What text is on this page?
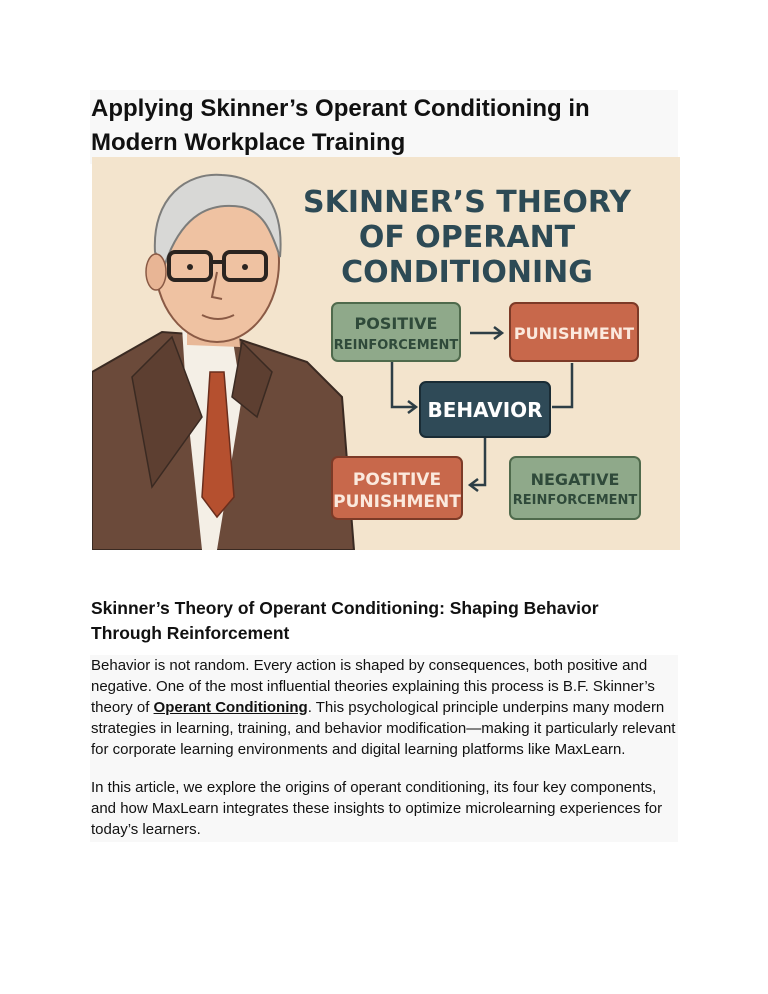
Applying Skinner’s Operant Conditioning in Modern Workplace Training
SKINNER’S THEORY
OF OPERANT
CONDITIONING
POSITIVE
REINFORCEMENT
PUNISHMENT
BEHAVIOR
POSITIVE
PUNISHMENT
NEGATIVE
REINFORCEMENT
Skinner’s Theory of Operant Conditioning: Shaping Behavior Through Reinforcement

Behavior is not random. Every action is shaped by consequences, both positive and negative. One of the most influential theories explaining this process is B.F. Skinner’s theory of Operant Conditioning. This psychological principle underpins many modern strategies in learning, training, and behavior modification—making it particularly relevant for corporate learning environments and digital learning platforms like MaxLearn.

In this article, we explore the origins of operant conditioning, its four key components, and how MaxLearn integrates these insights to optimize microlearning experiences for today’s learners.
